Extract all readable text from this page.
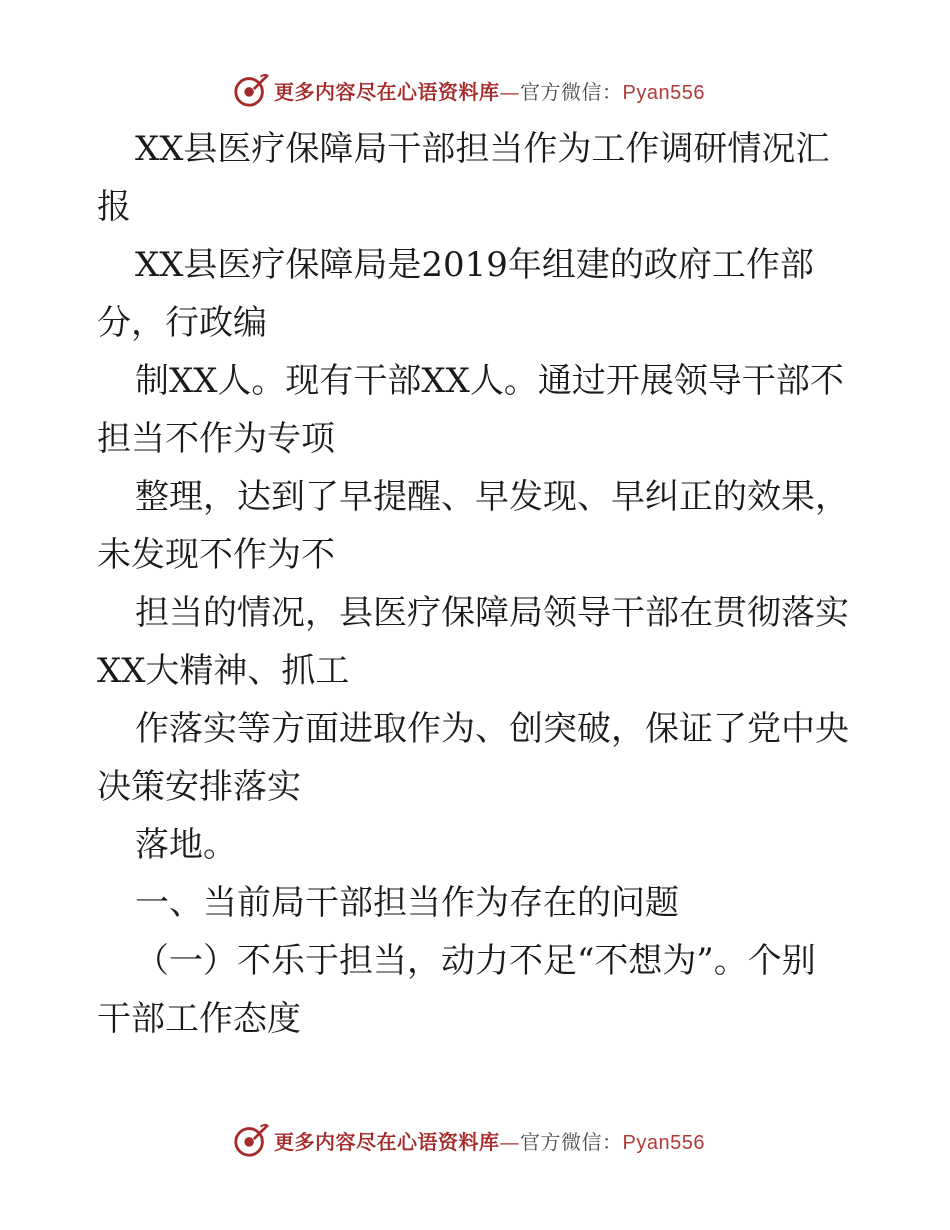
更多内容尽在心语资料库—官方微信：Pyan556
XX县医疗保障局干部担当作为工作调研情况汇
报
XX县医疗保障局是2019年组建的政府工作部
分，行政编
制XX人。现有干部XX人。通过开展领导干部不
担当不作为专项
整理，达到了早提醒、早发现、早纠正的效果，
未发现不作为不
担当的情况，县医疗保障局领导干部在贯彻落实
XX大精神、抓工
作落实等方面进取作为、创突破，保证了党中央
决策安排落实
落地。
一、当前局干部担当作为存在的问题
（一）不乐于担当，动力不足“不想为”。个别
干部工作态度
更多内容尽在心语资料库—官方微信：Pyan556
